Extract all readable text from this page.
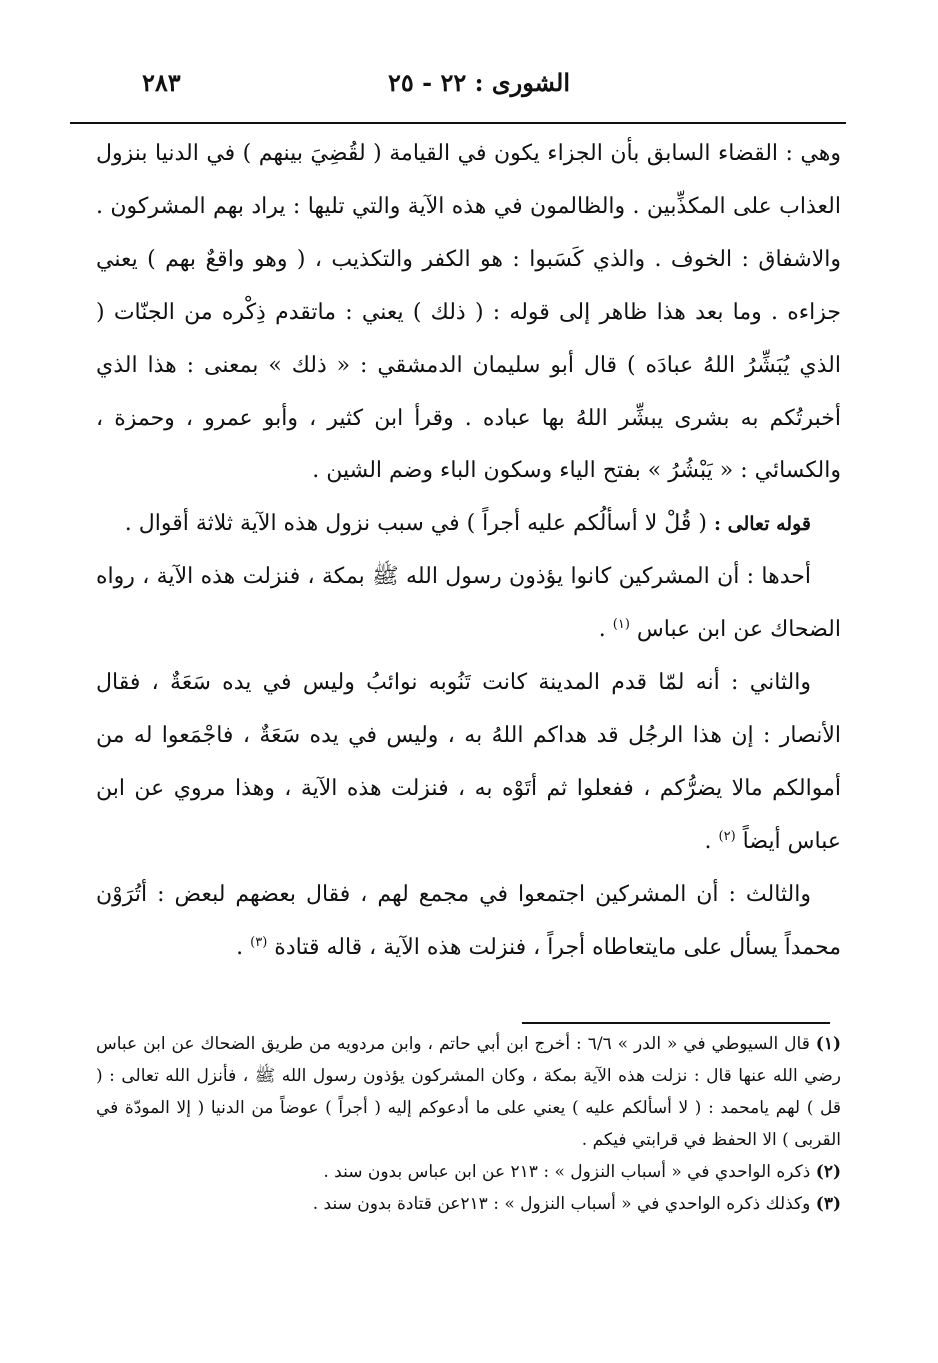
الشورى : ٢٢ - ٢٥
٢٨٣

وهي : القضاء السابق بأن الجزاء يكون في القيامة ( لقُضِيَ بينهم ) في الدنيا بنزول العذاب على المكذِّبين . والظالمون في هذه الآية والتي تليها : يراد بهم المشركون . والاشفاق : الخوف . والذي كَسَبوا : هو الكفر والتكذيب ، ( وهو واقعٌ بهم ) يعني جزاءه . وما بعد هذا ظاهر إلى قوله : ( ذلك ) يعني : ماتقدم ذِكْره من الجنّات ( الذي يُبَشِّرُ اللهُ عبادَه ) قال أبو سليمان الدمشقي : « ذلك » بمعنى : هذا الذي أخبرتُكم به بشرى يبشِّر اللهُ بها عباده . وقرأ ابن كثير ، وأبو عمرو ، وحمزة ، والكسائي : « يَبْشُرُ » بفتح الياء وسكون الباء وضم الشين .

قوله تعالى : ( قُلْ لا أسألُكم عليه أجراً ) في سبب نزول هذه الآية ثلاثة أقوال .

أحدها : أن المشركين كانوا يؤذون رسول الله ﷺ بمكة ، فنزلت هذه الآية ، رواه الضحاك عن ابن عباس $^{(١)}$ .

والثاني : أنه لمّا قدم المدينة كانت تَنُوبه نوائبُ وليس في يده سَعَةٌ ، فقال الأنصار : إن هذا الرجُل قد هداكم اللهُ به ، وليس في يده سَعَةٌ ، فاجْمَعوا له من أموالكم مالا يضرُّكم ، ففعلوا ثم أتَوْه به ، فنزلت هذه الآية ، وهذا مروي عن ابن عباس أيضاً $^{(٢)}$ .

والثالث : أن المشركين اجتمعوا في مجمع لهم ، فقال بعضهم لبعض : أتُرَوْن محمداً يسأل على مايتعاطاه أجراً ، فنزلت هذه الآية ، قاله قتادة $^{(٣)}$ .

(١) قال السيوطي في « الدر » ٦/٦ : أخرج ابن أبي حاتم ، وابن مردويه من طريق الضحاك عن ابن عباس رضي الله عنها قال : نزلت هذه الآية بمكة ، وكان المشركون يؤذون رسول الله ﷺ ، فأنزل الله تعالى : ( قل ) لهم يامحمد : ( لا أسألكم عليه ) يعني على ما أدعوكم إليه ( أجراً ) عوضاً من الدنيا ( إلا المودّة في القربى ) الا الحفظ في قرابتي فيكم .

(٢) ذكره الواحدي في « أسباب النزول » : ٢١٣ عن ابن عباس بدون سند .

(٣) وكذلك ذكره الواحدي في « أسباب النزول » : ٢١٣عن قتادة بدون سند .
